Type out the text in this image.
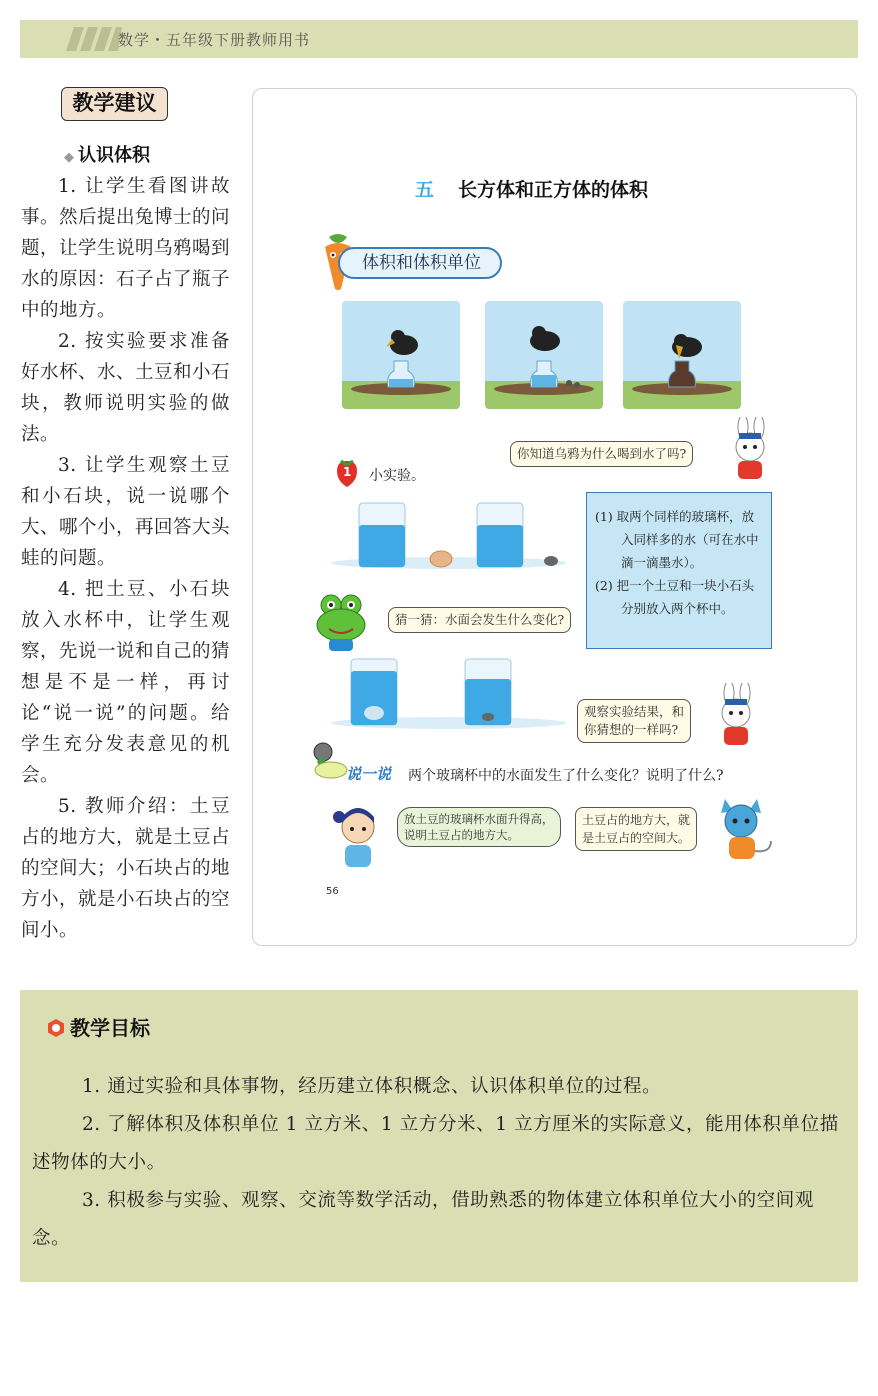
数学・五年级下册教师用书
教学建议
◆ 认识体积

1. 让学生看图讲故事。然后提出兔博士的问题，让学生说明乌鸦喝到水的原因：石子占了瓶子中的地方。

2. 按实验要求准备好水杯、水、土豆和小石块，教师说明实验的做法。

3. 让学生观察土豆和小石块，说一说哪个大、哪个小，再回答大头蛙的问题。

4. 把土豆、小石块放入水杯中，让学生观察，先说一说和自己的猜想是不是一样，再讨论“说一说”的问题。给学生充分发表意见的机会。

5. 教师介绍：土豆占的地方大，就是土豆占的空间大；小石块占的地方小，就是小石块占的空间小。

五 长方体和正方体的体积
体积和体积单位
你知道乌鸦为什么喝到水了吗?
1 小实验。

(1) 取两个同样的玻璃杯，放入同样多的水（可在水中滴一滴墨水）。

(2) 把一个土豆和一块小石头分别放入两个杯中。

猜一猜：水面会发生什么变化?
观察实验结果，和
你猜想的一样吗?
说一说 两个玻璃杯中的水面发生了什么变化？说明了什么?
放土豆的玻璃杯水面升得高，
说明土豆占的地方大。
土豆占的地方大，就
是土豆占的空间大。
56
教学目标

1. 通过实验和具体事物，经历建立体积概念、认识体积单位的过程。

2. 了解体积及体积单位 1 立方米、1 立方分米、1 立方厘米的实际意义，能用体积单位描述物体的大小。

3. 积极参与实验、观察、交流等数学活动，借助熟悉的物体建立体积单位大小的空间观念。
